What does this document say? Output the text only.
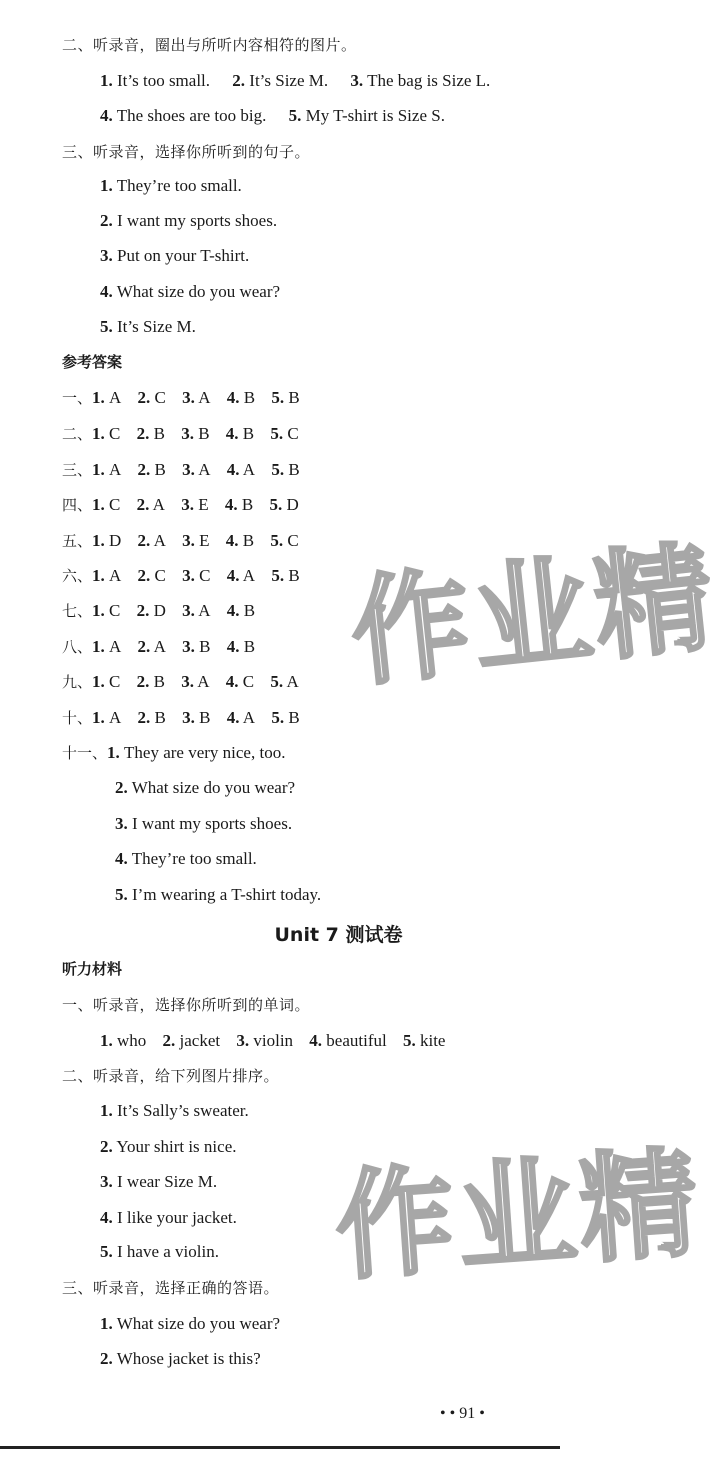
二、听录音，圈出与所听内容相符的图片。
1. It’s too small. 2. It’s Size M. 3. The bag is Size L.
4. The shoes are too big. 5. My T-shirt is Size S.
三、听录音，选择你所听到的句子。
1. They’re too small.
2. I want my sports shoes.
3. Put on your T-shirt.
4. What size do you wear?
5. It’s Size M.
参考答案
一、1. A 2. C 3. A 4. B 5. B
二、1. C 2. B 3. B 4. B 5. C
三、1. A 2. B 3. A 4. A 5. B
四、1. C 2. A 3. E 4. B 5. D
五、1. D 2. A 3. E 4. B 5. C
六、1. A 2. C 3. C 4. A 5. B
七、1. C 2. D 3. A 4. B
八、1. A 2. A 3. B 4. B
九、1. C 2. B 3. A 4. C 5. A
十、1. A 2. B 3. B 4. A 5. B
十一、1. They are very nice, too.
2. What size do you wear?
3. I want my sports shoes.
4. They’re too small.
5. I’m wearing a T-shirt today.
Unit 7 测试卷
听力材料
一、听录音，选择你所听到的单词。
1. who 2. jacket 3. violin 4. beautiful 5. kite
二、听录音，给下列图片排序。
1. It’s Sally’s sweater.
2. Your shirt is nice.
3. I wear Size M.
4. I like your jacket.
5. I have a violin.
三、听录音，选择正确的答语。
1. What size do you wear?
2. Whose jacket is this?
作业精
作业精
• • 91 •
